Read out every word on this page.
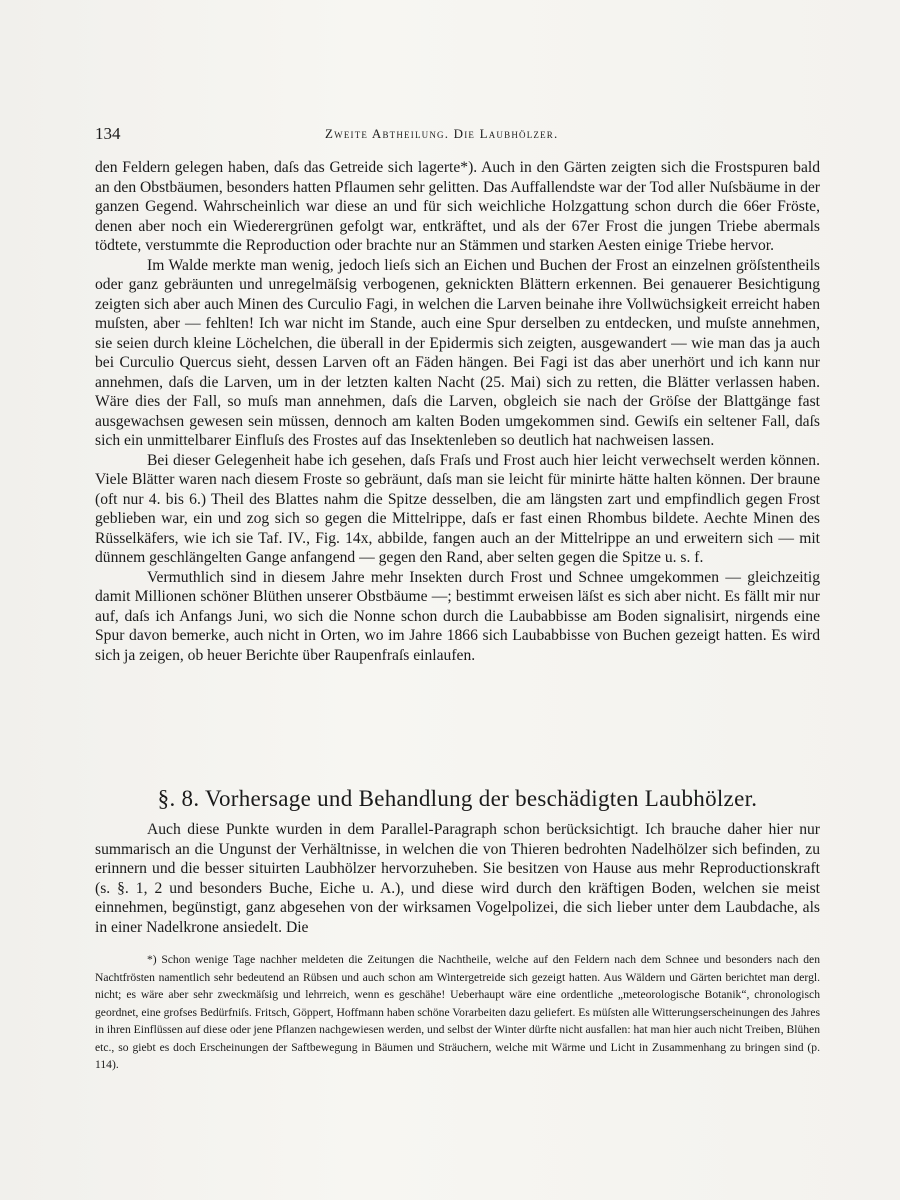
134	Zweite Abtheilung. Die Laubhölzer.

den Feldern gelegen haben, daſs das Getreide sich lagerte*). Auch in den Gärten zeigten sich die Frostspuren bald an den Obstbäumen, besonders hatten Pflaumen sehr gelitten. Das Auffallendste war der Tod aller Nuſsbäume in der ganzen Gegend. Wahrscheinlich war diese an und für sich weichliche Holzgattung schon durch die 66er Fröste, denen aber noch ein Wiederergrünen gefolgt war, entkräftet, und als der 67er Frost die jungen Triebe abermals tödtete, verstummte die Reproduction oder brachte nur an Stämmen und starken Aesten einige Triebe hervor.

Im Walde merkte man wenig, jedoch lieſs sich an Eichen und Buchen der Frost an einzelnen gröſstentheils oder ganz gebräunten und unregelmäſsig verbogenen, geknickten Blättern erkennen. Bei genauerer Besichtigung zeigten sich aber auch Minen des Curculio Fagi, in welchen die Larven beinahe ihre Vollwüchsigkeit erreicht haben muſsten, aber — fehlten! Ich war nicht im Stande, auch eine Spur derselben zu entdecken, und muſste annehmen, sie seien durch kleine Löchelchen, die überall in der Epidermis sich zeigten, ausgewandert — wie man das ja auch bei Curculio Quercus sieht, dessen Larven oft an Fäden hängen. Bei Fagi ist das aber unerhört und ich kann nur annehmen, daſs die Larven, um in der letzten kalten Nacht (25. Mai) sich zu retten, die Blätter verlassen haben. Wäre dies der Fall, so muſs man annehmen, daſs die Larven, obgleich sie nach der Gröſse der Blattgänge fast ausgewachsen gewesen sein müssen, dennoch am kalten Boden umgekommen sind. Gewiſs ein seltener Fall, daſs sich ein unmittelbarer Einfluſs des Frostes auf das Insektenleben so deutlich hat nachweisen lassen.

Bei dieser Gelegenheit habe ich gesehen, daſs Fraſs und Frost auch hier leicht verwechselt werden können. Viele Blätter waren nach diesem Froste so gebräunt, daſs man sie leicht für minirte hätte halten können. Der braune (oft nur 4. bis 6.) Theil des Blattes nahm die Spitze desselben, die am längsten zart und empfindlich gegen Frost geblieben war, ein und zog sich so gegen die Mittelrippe, daſs er fast einen Rhombus bildete. Aechte Minen des Rüsselkäfers, wie ich sie Taf. IV., Fig. 14x, abbilde, fangen auch an der Mittelrippe an und erweitern sich — mit dünnem geschlängelten Gange anfangend — gegen den Rand, aber selten gegen die Spitze u. s. f.

Vermuthlich sind in diesem Jahre mehr Insekten durch Frost und Schnee umgekommen — gleichzeitig damit Millionen schöner Blüthen unserer Obstbäume —; bestimmt erweisen läſst es sich aber nicht. Es fällt mir nur auf, daſs ich Anfangs Juni, wo sich die Nonne schon durch die Laubabbisse am Boden signalisirt, nirgends eine Spur davon bemerke, auch nicht in Orten, wo im Jahre 1866 sich Laubabbisse von Buchen gezeigt hatten. Es wird sich ja zeigen, ob heuer Berichte über Raupenfraſs einlaufen.

§. 8. Vorhersage und Behandlung der beschädigten Laubhölzer.

Auch diese Punkte wurden in dem Parallel-Paragraph schon berücksichtigt. Ich brauche daher hier nur summarisch an die Ungunst der Verhältnisse, in welchen die von Thieren bedrohten Nadelhölzer sich befinden, zu erinnern und die besser situirten Laubhölzer hervorzuheben. Sie besitzen von Hause aus mehr Reproductionskraft (s. §. 1, 2 und besonders Buche, Eiche u. A.), und diese wird durch den kräftigen Boden, welchen sie meist einnehmen, begünstigt, ganz abgesehen von der wirksamen Vogelpolizei, die sich lieber unter dem Laubdache, als in einer Nadelkrone ansiedelt. Die

*) Schon wenige Tage nachher meldeten die Zeitungen die Nachtheile, welche auf den Feldern nach dem Schnee und besonders nach den Nachtfrösten namentlich sehr bedeutend an Rübsen und auch schon am Wintergetreide sich gezeigt hatten. Aus Wäldern und Gärten berichtet man dergl. nicht; es wäre aber sehr zweckmäſsig und lehrreich, wenn es geschähe! Ueberhaupt wäre eine ordentliche „meteorologische Botanik“, chronologisch geordnet, eine grofses Bedürfniſs. Fritsch, Göppert, Hoffmann haben schöne Vorarbeiten dazu geliefert. Es müſsten alle Witterungserscheinungen des Jahres in ihren Einflüssen auf diese oder jene Pflanzen nachgewiesen werden, und selbst der Winter dürfte nicht ausfallen: hat man hier auch nicht Treiben, Blühen etc., so giebt es doch Erscheinungen der Saftbewegung in Bäumen und Sträuchern, welche mit Wärme und Licht in Zusammenhang zu bringen sind (p. 114).
